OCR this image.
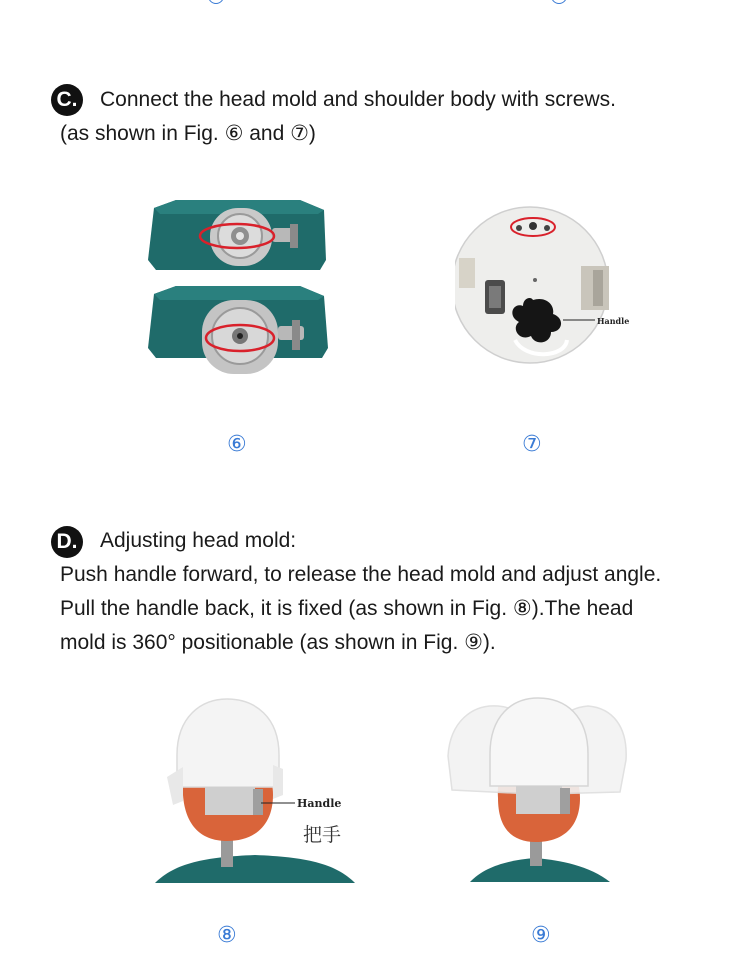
C. Connect the head mold and shoulder body with screws.
(as shown in Fig. ⑥ and ⑦)
⑥
Handle
⑦
D. Adjusting head mold:
Push handle forward, to release the head mold and adjust angle.
Pull the handle back, it is fixed (as shown in Fig. ⑧).The head
mold is 360° positionable (as shown in Fig. ⑨).
Handle
把手
⑧	⑨
